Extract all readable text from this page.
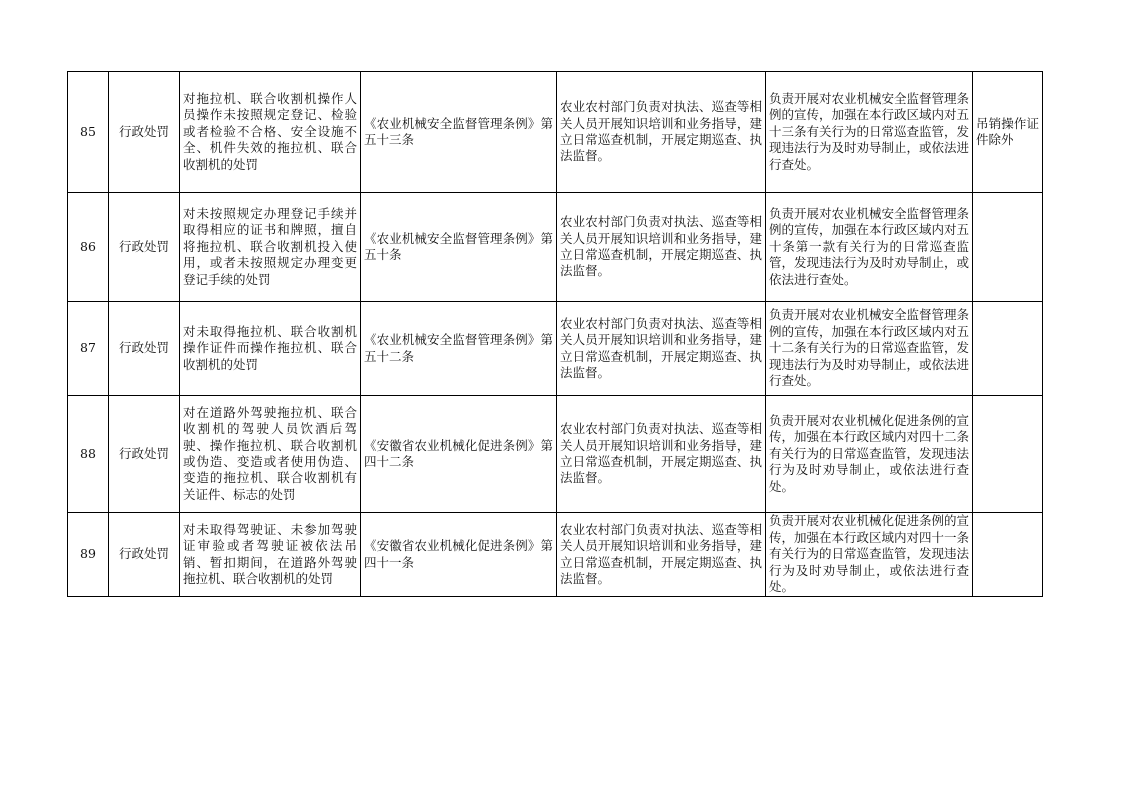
85	行政处罚	对拖拉机、联合收割机操作人员操作未按照规定登记、检验或者检验不合格、安全设施不全、机件失效的拖拉机、联合收割机的处罚	《农业机械安全监督管理条例》第五十三条	农业农村部门负责对执法、巡查等相关人员开展知识培训和业务指导，建立日常巡查机制，开展定期巡查、执法监督。	负责开展对农业机械安全监督管理条例的宣传，加强在本行政区域内对五十三条有关行为的日常巡查监管，发现违法行为及时劝导制止，或依法进行查处。	吊销操作证件除外
86	行政处罚	对未按照规定办理登记手续并取得相应的证书和牌照，擅自将拖拉机、联合收割机投入使用，或者未按照规定办理变更登记手续的处罚	《农业机械安全监督管理条例》第五十条	农业农村部门负责对执法、巡查等相关人员开展知识培训和业务指导，建立日常巡查机制，开展定期巡查、执法监督。	负责开展对农业机械安全监督管理条例的宣传，加强在本行政区域内对五十条第一款有关行为的日常巡查监管，发现违法行为及时劝导制止，或依法进行查处。	
87	行政处罚	对未取得拖拉机、联合收割机操作证件而操作拖拉机、联合收割机的处罚	《农业机械安全监督管理条例》第五十二条	农业农村部门负责对执法、巡查等相关人员开展知识培训和业务指导，建立日常巡查机制，开展定期巡查、执法监督。	负责开展对农业机械安全监督管理条例的宣传，加强在本行政区域内对五十二条有关行为的日常巡查监管，发现违法行为及时劝导制止，或依法进行查处。	
88	行政处罚	对在道路外驾驶拖拉机、联合收割机的驾驶人员饮酒后驾驶、操作拖拉机、联合收割机或伪造、变造或者使用伪造、变造的拖拉机、联合收割机有关证件、标志的处罚	《安徽省农业机械化促进条例》第四十二条	农业农村部门负责对执法、巡查等相关人员开展知识培训和业务指导，建立日常巡查机制，开展定期巡查、执法监督。	负责开展对农业机械化促进条例的宣传，加强在本行政区域内对四十二条有关行为的日常巡查监管，发现违法行为及时劝导制止，或依法进行查处。	
89	行政处罚	对未取得驾驶证、未参加驾驶证审验或者驾驶证被依法吊销、暂扣期间，在道路外驾驶拖拉机、联合收割机的处罚	《安徽省农业机械化促进条例》第四十一条	农业农村部门负责对执法、巡查等相关人员开展知识培训和业务指导，建立日常巡查机制，开展定期巡查、执法监督。	负责开展对农业机械化促进条例的宣传，加强在本行政区域内对四十一条有关行为的日常巡查监管，发现违法行为及时劝导制止，或依法进行查处。	
